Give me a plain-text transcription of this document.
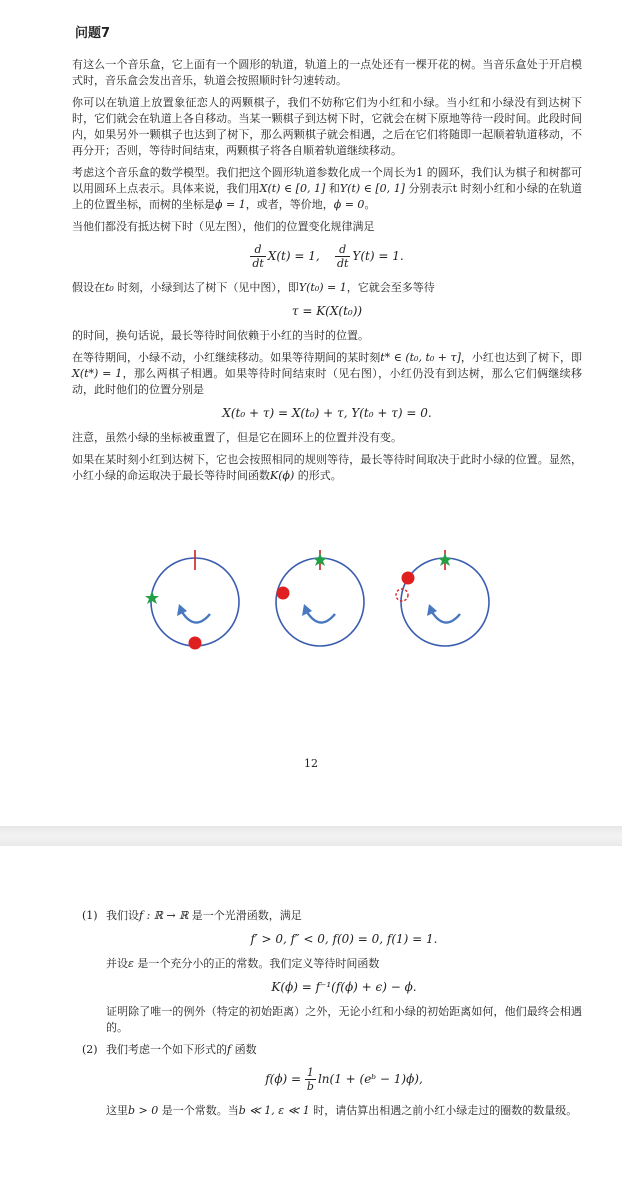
问题7

有这么一个音乐盒，它上面有一个圆形的轨道，轨道上的一点处还有一棵开花的树。当音乐盒处于开启模式时，音乐盒会发出音乐，轨道会按照顺时针匀速转动。

你可以在轨道上放置象征恋人的两颗棋子，我们不妨称它们为小红和小绿。当小红和小绿没有到达树下时，它们就会在轨道上各自移动。当某一颗棋子到达树下时，它就会在树下原地等待一段时间。此段时间内，如果另外一颗棋子也达到了树下，那么两颗棋子就会相遇，之后在它们将随即一起顺着轨道移动，不再分开；否则，等待时间结束，两颗棋子将各自顺着轨道继续移动。

考虑这个音乐盒的数学模型。我们把这个圆形轨道参数化成一个周长为1 的圆环，我们认为棋子和树都可以用圆环上点表示。具体来说，我们用X(t) ∈ [0, 1] 和Y(t) ∈ [0, 1] 分别表示t 时刻小红和小绿的在轨道上的位置坐标，而树的坐标是ϕ = 1，或者，等价地，ϕ = 0。

当他们都没有抵达树下时（见左图），他们的位置变化规律满足

$\frac{d}{dt} X(t) = 1$, $\frac{d}{dt} Y(t) = 1$.

假设在t₀ 时刻，小绿到达了树下（见中图），即Y(t₀) = 1，它就会至多等待

τ = K(X(t₀))

的时间，换句话说，最长等待时间依赖于小红的当时的位置。

在等待期间，小绿不动，小红继续移动。如果等待期间的某时刻t* ∈ (t₀, t₀ + τ]，小红也达到了树下，即X(t*) = 1，那么两棋子相遇。如果等待时间结束时（见右图），小红仍没有到达树，那么它们俩继续移动，此时他们的位置分别是

X(t₀ + τ) = X(t₀) + τ, Y(t₀ + τ) = 0.

注意，虽然小绿的坐标被重置了，但是它在圆环上的位置并没有变。

如果在某时刻小红到达树下，它也会按照相同的规则等待，最长等待时间取决于此时小绿的位置。显然，小红小绿的命运取决于最长等待时间函数K(ϕ) 的形式。

12
(1) 我们设f : ℝ → ℝ 是一个光滑函数，满足

f′ > 0, f″ < 0, f(0) = 0, f(1) = 1.

并设ε 是一个充分小的正的常数。我们定义等待时间函数

K(ϕ) = f⁻¹(f(ϕ) + ϵ) − ϕ.

证明除了唯一的例外（特定的初始距离）之外，无论小红和小绿的初始距离如何，他们最终会相遇的。

(2) 我们考虑一个如下形式的f 函数

$f(\phi) = \frac{1}{b} \ln(1$ + (eᵇ − 1)ϕ),

这里b > 0 是一个常数。当b ≪ 1, ε ≪ 1 时，请估算出相遇之前小红小绿走过的圈数的数量级。
